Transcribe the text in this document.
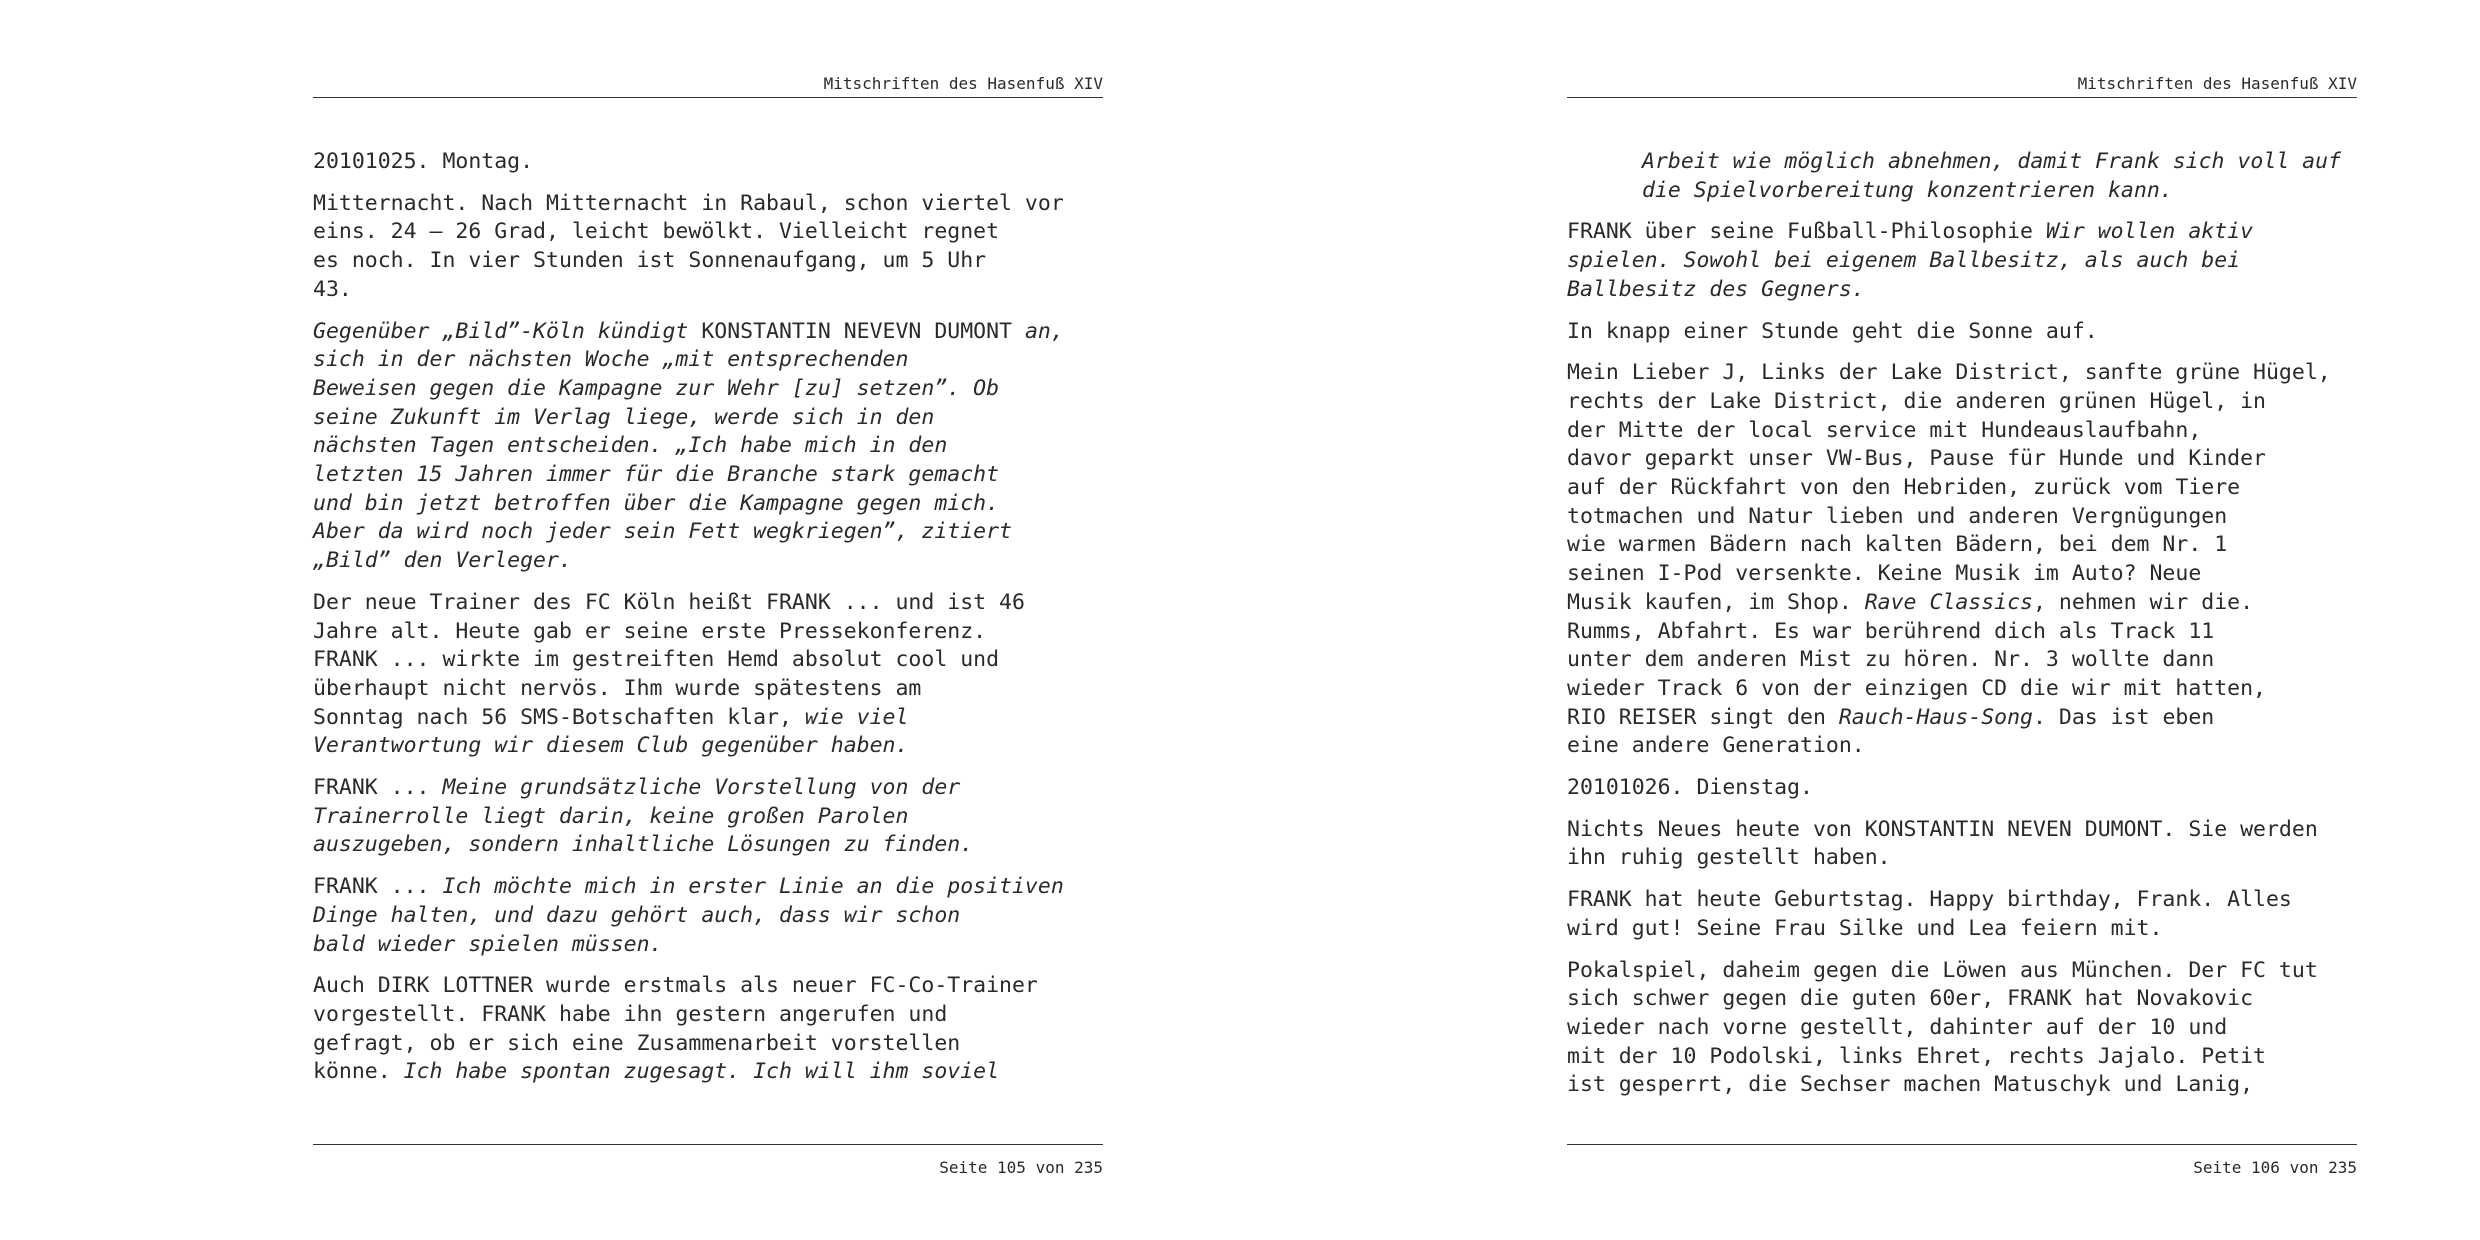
Mitschriften des Hasenfuß XIV

20101025. Montag.

Mitternacht. Nach Mitternacht in Rabaul, schon viertel vor
eins. 24 – 26 Grad, leicht bewölkt. Vielleicht regnet
es noch. In vier Stunden ist Sonnenaufgang, um 5 Uhr
43.

Gegenüber „Bild”-Köln kündigt KONSTANTIN NEVEVN DUMONT an,
sich in der nächsten Woche „mit entsprechenden
Beweisen gegen die Kampagne zur Wehr [zu] setzen”. Ob
seine Zukunft im Verlag liege, werde sich in den
nächsten Tagen entscheiden. „Ich habe mich in den
letzten 15 Jahren immer für die Branche stark gemacht
und bin jetzt betroffen über die Kampagne gegen mich.
Aber da wird noch jeder sein Fett wegkriegen”, zitiert
„Bild” den Verleger.

Der neue Trainer des FC Köln heißt FRANK ... und ist 46
Jahre alt. Heute gab er seine erste Pressekonferenz.
FRANK ... wirkte im gestreiften Hemd absolut cool und
überhaupt nicht nervös. Ihm wurde spätestens am
Sonntag nach 56 SMS-Botschaften klar, wie viel
Verantwortung wir diesem Club gegenüber haben.

FRANK ... Meine grundsätzliche Vorstellung von der
Trainerrolle liegt darin, keine großen Parolen
auszugeben, sondern inhaltliche Lösungen zu finden.

FRANK ... Ich möchte mich in erster Linie an die positiven
Dinge halten, und dazu gehört auch, dass wir schon
bald wieder spielen müssen.

Auch DIRK LOTTNER wurde erstmals als neuer FC-Co-Trainer
vorgestellt. FRANK habe ihn gestern angerufen und
gefragt, ob er sich eine Zusammenarbeit vorstellen
könne. Ich habe spontan zugesagt. Ich will ihm soviel

Seite 105 von 235
Mitschriften des Hasenfuß XIV

Arbeit wie möglich abnehmen, damit Frank sich voll auf
die Spielvorbereitung konzentrieren kann.

FRANK über seine Fußball-Philosophie Wir wollen aktiv
spielen. Sowohl bei eigenem Ballbesitz, als auch bei
Ballbesitz des Gegners.

In knapp einer Stunde geht die Sonne auf.

Mein Lieber J, Links der Lake District, sanfte grüne Hügel,
rechts der Lake District, die anderen grünen Hügel, in
der Mitte der local service mit Hundeauslaufbahn,
davor geparkt unser VW-Bus, Pause für Hunde und Kinder
auf der Rückfahrt von den Hebriden, zurück vom Tiere
totmachen und Natur lieben und anderen Vergnügungen
wie warmen Bädern nach kalten Bädern, bei dem Nr. 1
seinen I-Pod versenkte. Keine Musik im Auto? Neue
Musik kaufen, im Shop. Rave Classics, nehmen wir die.
Rumms, Abfahrt. Es war berührend dich als Track 11
unter dem anderen Mist zu hören. Nr. 3 wollte dann
wieder Track 6 von der einzigen CD die wir mit hatten,
RIO REISER singt den Rauch-Haus-Song. Das ist eben
eine andere Generation.

20101026. Dienstag.

Nichts Neues heute von KONSTANTIN NEVEN DUMONT. Sie werden
ihn ruhig gestellt haben.

FRANK hat heute Geburtstag. Happy birthday, Frank. Alles
wird gut! Seine Frau Silke und Lea feiern mit.

Pokalspiel, daheim gegen die Löwen aus München. Der FC tut
sich schwer gegen die guten 60er, FRANK hat Novakovic
wieder nach vorne gestellt, dahinter auf der 10 und
mit der 10 Podolski, links Ehret, rechts Jajalo. Petit
ist gesperrt, die Sechser machen Matuschyk und Lanig,

Seite 106 von 235
